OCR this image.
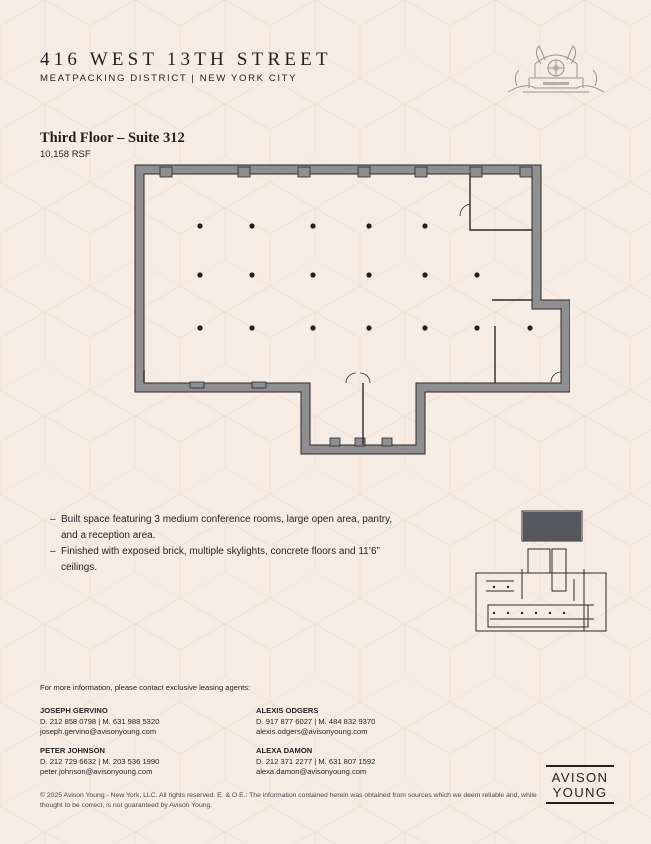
416 WEST 13TH STREET
MEATPACKING DISTRICT | NEW YORK CITY
Third Floor – Suite 312
10,158 RSF

– Built space featuring 3 medium conference rooms, large open area, pantry, and a reception area.

– Finished with exposed brick, multiple skylights, concrete floors and 11’6” ceilings.

For more information, please contact exclusive leasing agents:
JOSEPH GERVINO
D. 212 858 0798 | M. 631 988 5320
joseph.gervino@avisonyoung.com
ALEXIS ODGERS
D. 917 877 6027 | M. 484 832 9370
alexis.odgers@avisonyoung.com
PETER JOHNSON
D. 212 729 6632 | M. 203 536 1990
peter.johnson@avisonyoung.com
ALEXA DAMON
D. 212 371 2277 | M. 631 807 1592
alexa.damon@avisonyoung.com
© 2025 Avison Young - New York, LLC. All rights reserved. E. & O.E.: The information contained herein was obtained from sources which we deem reliable and, while thought to be correct, is not guaranteed by Avison Young.
AVISON
YOUNG
